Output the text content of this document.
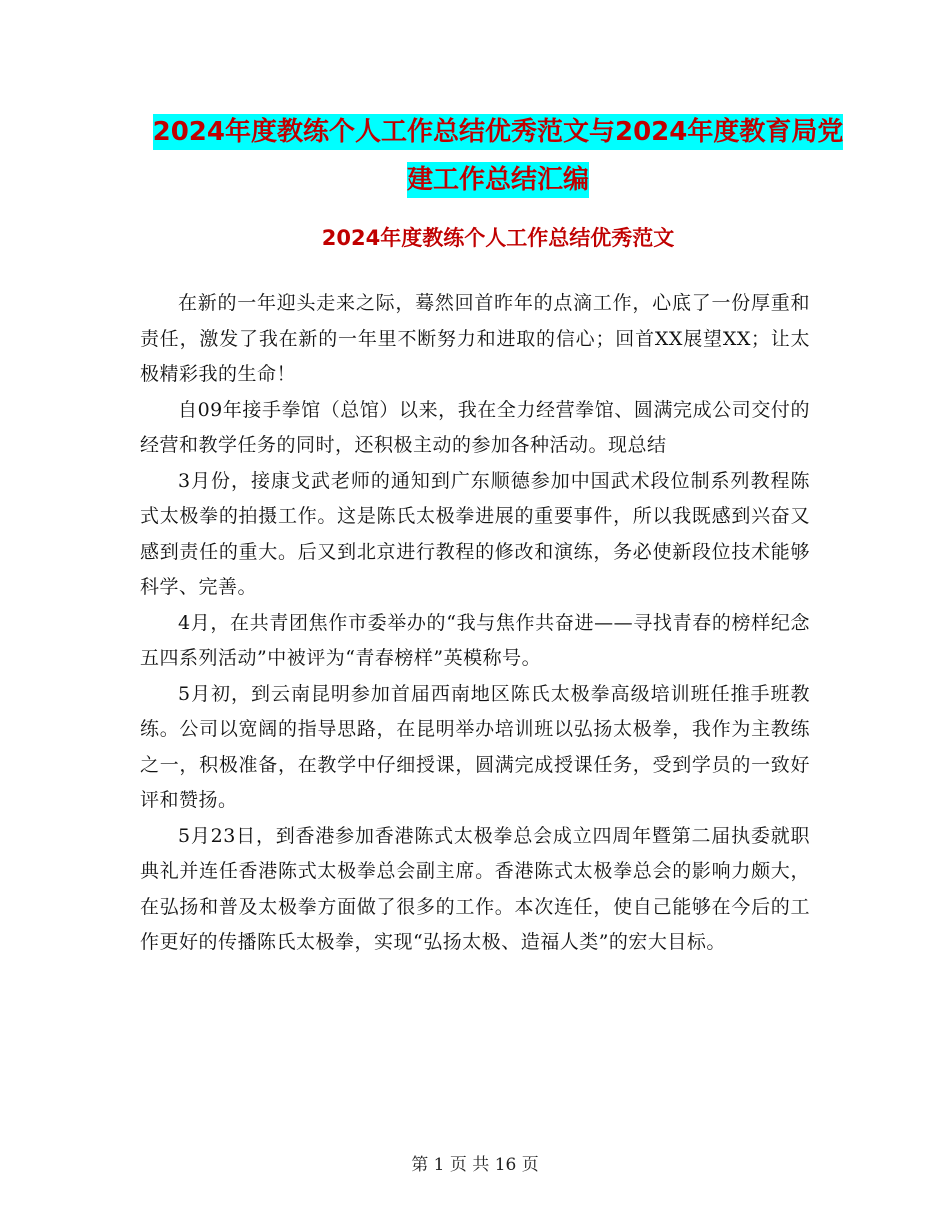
2024年度教练个人工作总结优秀范文与2024年度教育局党建工作总结汇编
2024年度教练个人工作总结优秀范文

在新的一年迎头走来之际，蓦然回首昨年的点滴工作，心底了一份厚重和责任，激发了我在新的一年里不断努力和进取的信心；回首XX展望XX；让太极精彩我的生命！

自09年接手拳馆（总馆）以来，我在全力经营拳馆、圆满完成公司交付的经营和教学任务的同时，还积极主动的参加各种活动。现总结

3月份，接康戈武老师的通知到广东顺德参加中国武术段位制系列教程陈式太极拳的拍摄工作。这是陈氏太极拳进展的重要事件，所以我既感到兴奋又感到责任的重大。后又到北京进行教程的修改和演练，务必使新段位技术能够科学、完善。

4月，在共青团焦作市委举办的“我与焦作共奋进——寻找青春的榜样纪念五四系列活动”中被评为“青春榜样”英模称号。

5月初，到云南昆明参加首届西南地区陈氏太极拳高级培训班任推手班教练。公司以宽阔的指导思路，在昆明举办培训班以弘扬太极拳，我作为主教练之一，积极准备，在教学中仔细授课，圆满完成授课任务，受到学员的一致好评和赞扬。

5月23日，到香港参加香港陈式太极拳总会成立四周年暨第二届执委就职典礼并连任香港陈式太极拳总会副主席。香港陈式太极拳总会的影响力颇大，在弘扬和普及太极拳方面做了很多的工作。本次连任，使自己能够在今后的工作更好的传播陈氏太极拳，实现“弘扬太极、造福人类”的宏大目标。

第 1 页 共 16 页
